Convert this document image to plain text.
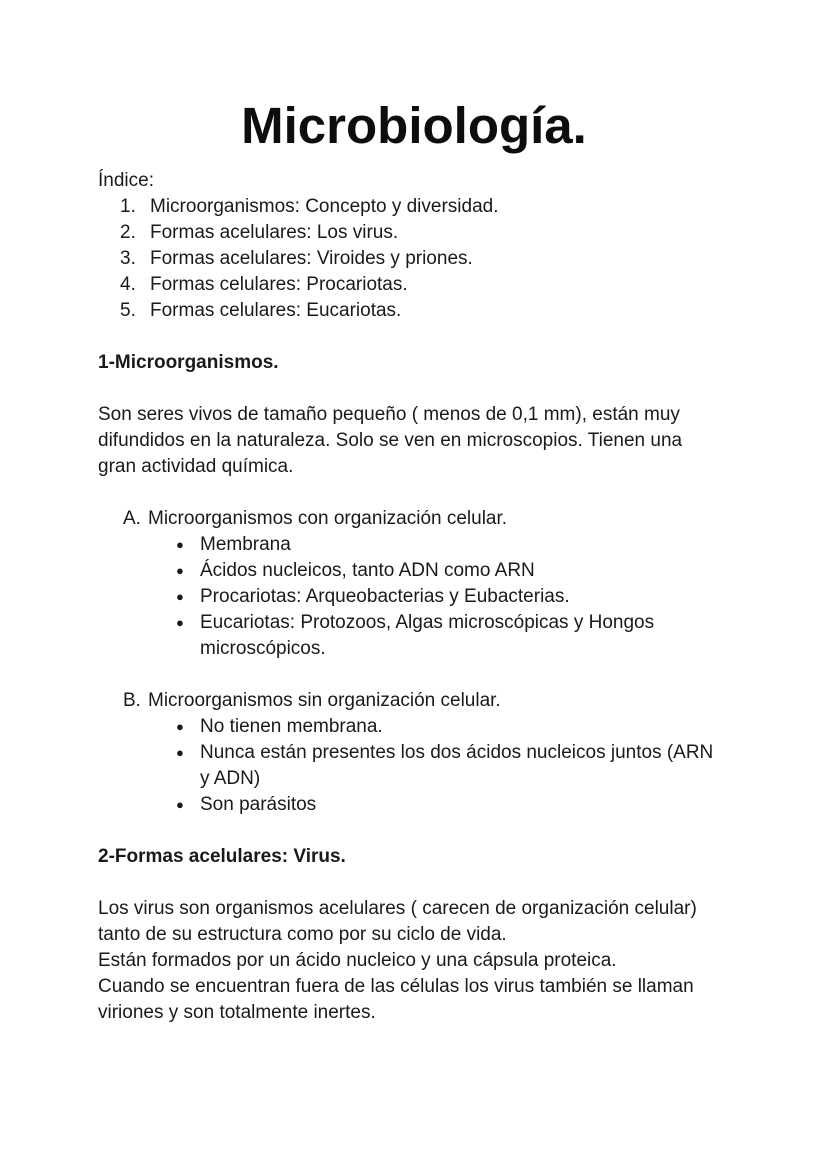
Microbiología.
Índice:
1. Microorganismos: Concepto y diversidad.
2. Formas acelulares: Los virus.
3. Formas acelulares: Viroides y priones.
4. Formas celulares: Procariotas.
5. Formas celulares: Eucariotas.
1-Microorganismos.

Son seres vivos de tamaño pequeño ( menos de 0,1 mm), están muy difundidos en la naturaleza. Solo se ven en microscopios. Tienen una gran actividad química.

A. Microorganismos con organización celular.
● Membrana
● Ácidos nucleicos, tanto ADN como ARN
● Procariotas: Arqueobacterias y Eubacterias.
● Eucariotas: Protozoos, Algas microscópicas y Hongos microscópicos.
B. Microorganismos sin organización celular.
● No tienen membrana.
● Nunca están presentes los dos ácidos nucleicos juntos (ARN y ADN)
● Son parásitos
2-Formas acelulares: Virus.
Los virus son organismos acelulares ( carecen de organización celular) tanto de su estructura como por su ciclo de vida.
Están formados por un ácido nucleico y una cápsula proteica.
Cuando se encuentran fuera de las células los virus también se llaman viriones y son totalmente inertes.
